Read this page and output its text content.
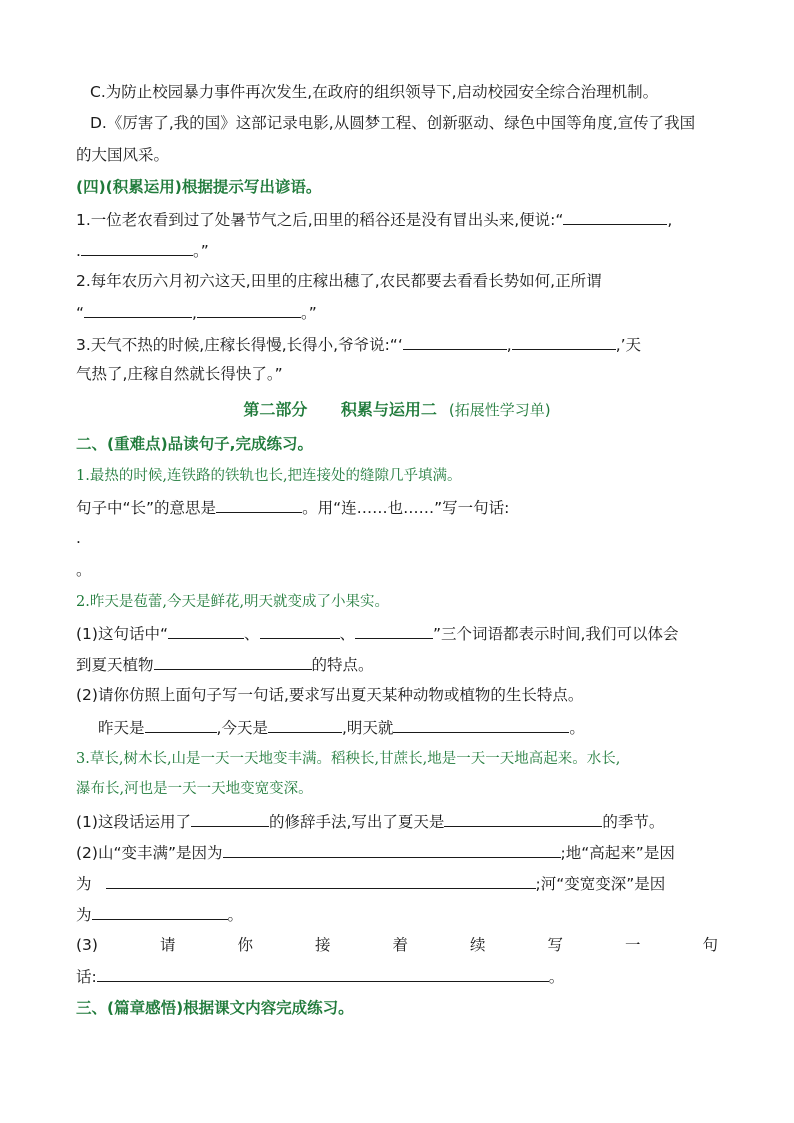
C.为防止校园暴力事件再次发生,在政府的组织领导下,启动校园安全综合治理机制。
D.《厉害了,我的国》这部记录电影,从圆梦工程、创新驱动、绿色中国等角度,宣传了我国
的大国风采。
(四)(积累运用)根据提示写出谚语。
1.一位老农看到过了处暑节气之后,田里的稻谷还是没有冒出头来,便说:“	,
.	。”
2.每年农历六月初六这天,田里的庄稼出穗了,农民都要去看看长势如何,正所谓
“	,	。”
3.天气不热的时候,庄稼长得慢,长得小,爷爷说:“‘	,	,’天
气热了,庄稼自然就长得快了。”
第二部分      积累与运用二 (拓展性学习单)
二、(重难点)品读句子,完成练习。
1.最热的时候,连铁路的铁轨也长,把连接处的缝隙几乎填满。
句子中“长”的意思是	。用“连……也……”写一句话:
.
。
2.昨天是苞蕾,今天是鲜花,明天就变成了小果实。
(1)这句话中“	、	、	”三个词语都表示时间,我们可以体会
到夏天植物	的特点。
(2)请你仿照上面句子写一句话,要求写出夏天某种动物或植物的生长特点。
昨天是	,今天是	,明天就	。
3.草长,树木长,山是一天一天地变丰满。稻秧长,甘蔗长,地是一天一天地高起来。水长,
瀑布长,河也是一天一天地变宽变深。
(1)这段话运用了	的修辞手法,写出了夏天是	的季节。
(2)山“变丰满”是因为	;地“高起来”是因
为	;河“变宽变深”是因
为	。
(3)	请	你	接	着	续	写	一	句
话:	。
三、(篇章感悟)根据课文内容完成练习。
